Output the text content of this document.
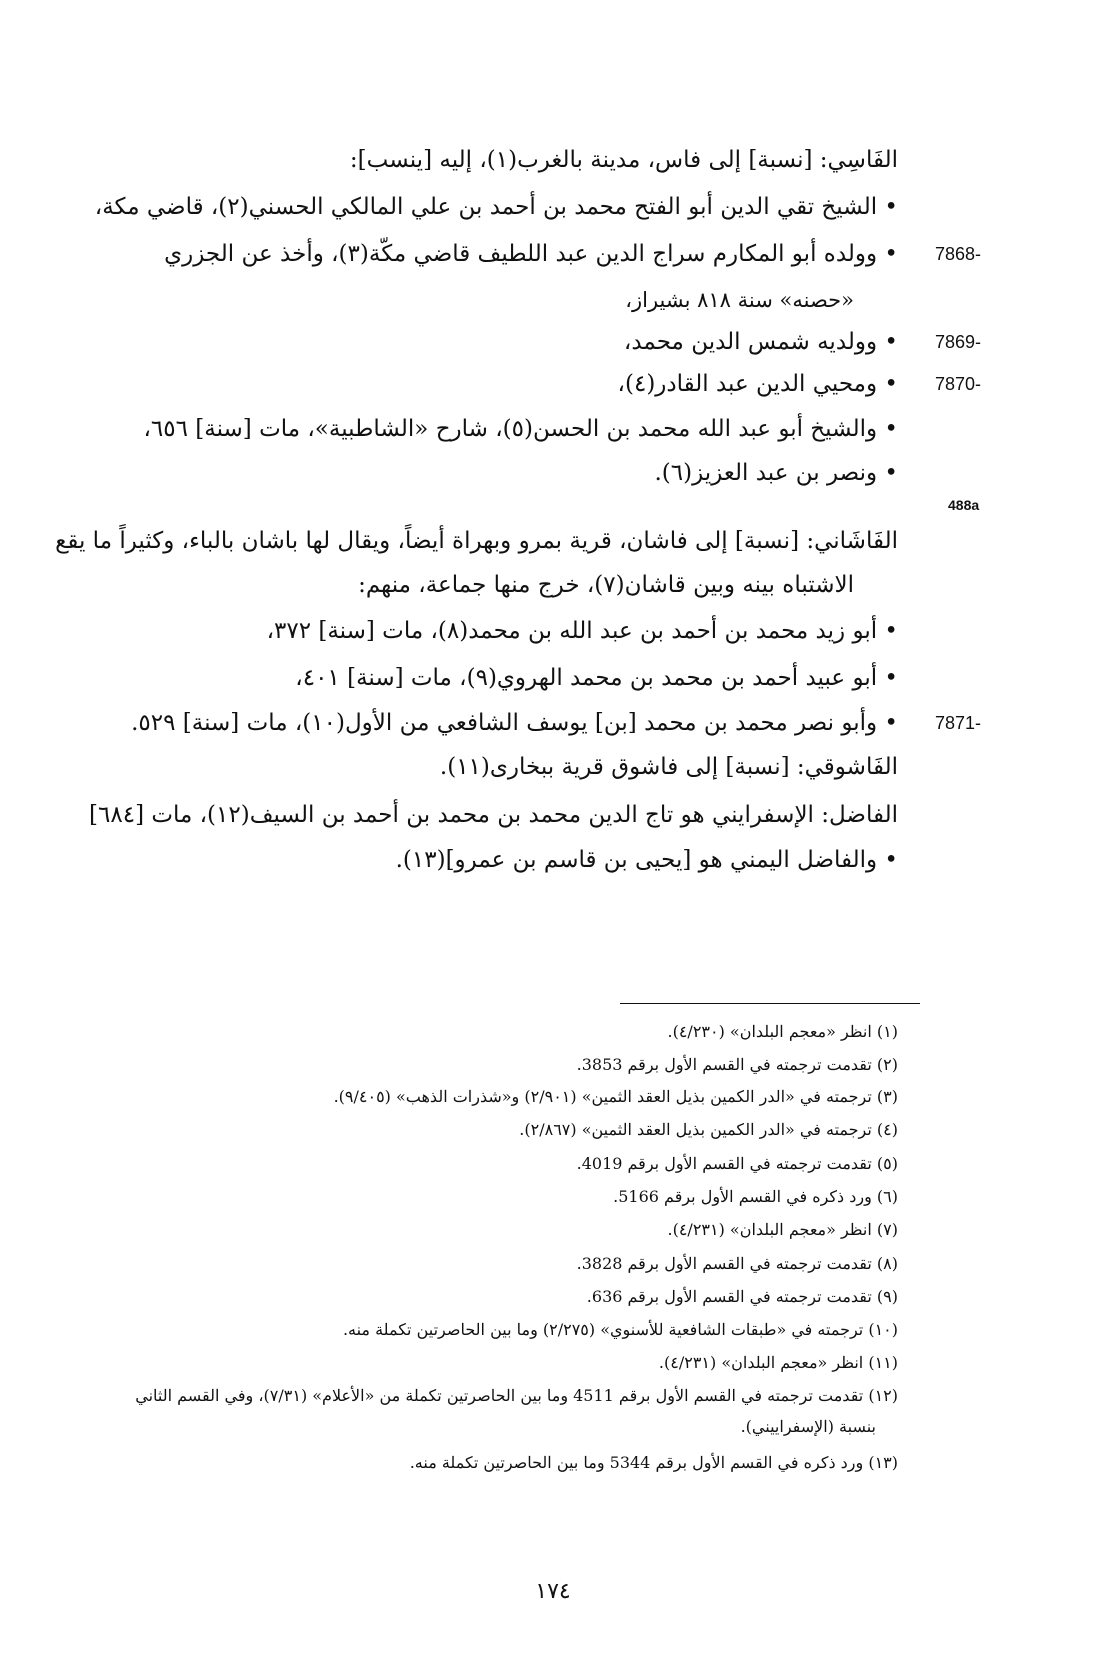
الفَاسِي: [نسبة] إلى فاس، مدينة بالغرب(١)، إليه [ينسب]:
• الشيخ تقي الدين أبو الفتح محمد بن أحمد بن علي المالكي الحسني(٢)، قاضي مكة،
• وولده أبو المكارم سراج الدين عبد اللطيف قاضي مكّة(٣)، وأخذ عن الجزري 7868-
«حصنه» سنة ٨١٨ بشيراز،
• وولديه شمس الدين محمد، 7869-
• ومحيي الدين عبد القادر(٤)، 7870-
• والشيخ أبو عبد الله محمد بن الحسن(٥)، شارح «الشاطبية»، مات [سنة] ٦٥٦،
• ونصر بن عبد العزيز(٦).
488a
الفَاشَاني: [نسبة] إلى فاشان، قرية بمرو وبهراة أيضاً، ويقال لها باشان بالباء، وكثيراً ما يقع
الاشتباه بينه وبين قاشان(٧)، خرج منها جماعة، منهم:
• أبو زيد محمد بن أحمد بن عبد الله بن محمد(٨)، مات [سنة] ٣٧٢،
• أبو عبيد أحمد بن محمد بن محمد الهروي(٩)، مات [سنة] ٤٠١،
• وأبو نصر محمد بن محمد [بن] يوسف الشافعي من الأول(١٠)، مات [سنة] ٥٢٩. 7871-
الفَاشوقي: [نسبة] إلى فاشوق قرية ببخارى(١١).
الفاضل: الإسفرايني هو تاج الدين محمد بن محمد بن أحمد بن السيف(١٢)، مات [٦٨٤]
• والفاضل اليمني هو [يحيى بن قاسم بن عمرو](١٣).
(١) انظر «معجم البلدان» (٤/٢٣٠).
(٢) تقدمت ترجمته في القسم الأول برقم 3853.
(٣) ترجمته في «الدر الكمين بذيل العقد الثمين» (٢/٩٠١) و«شذرات الذهب» (٩/٤٠٥).
(٤) ترجمته في «الدر الكمين بذيل العقد الثمين» (٢/٨٦٧).
(٥) تقدمت ترجمته في القسم الأول برقم 4019.
(٦) ورد ذكره في القسم الأول برقم 5166.
(٧) انظر «معجم البلدان» (٤/٢٣١).
(٨) تقدمت ترجمته في القسم الأول برقم 3828.
(٩) تقدمت ترجمته في القسم الأول برقم 636.
(١٠) ترجمته في «طبقات الشافعية للأسنوي» (٢/٢٧٥) وما بين الحاصرتين تكملة منه.
(١١) انظر «معجم البلدان» (٤/٢٣١).
(١٢) تقدمت ترجمته في القسم الأول برقم 4511 وما بين الحاصرتين تكملة من «الأعلام» (٧/٣١)، وفي القسم الثاني
بنسبة (الإسفراييني).
(١٣) ورد ذكره في القسم الأول برقم 5344 وما بين الحاصرتين تكملة منه.
١٧٤
